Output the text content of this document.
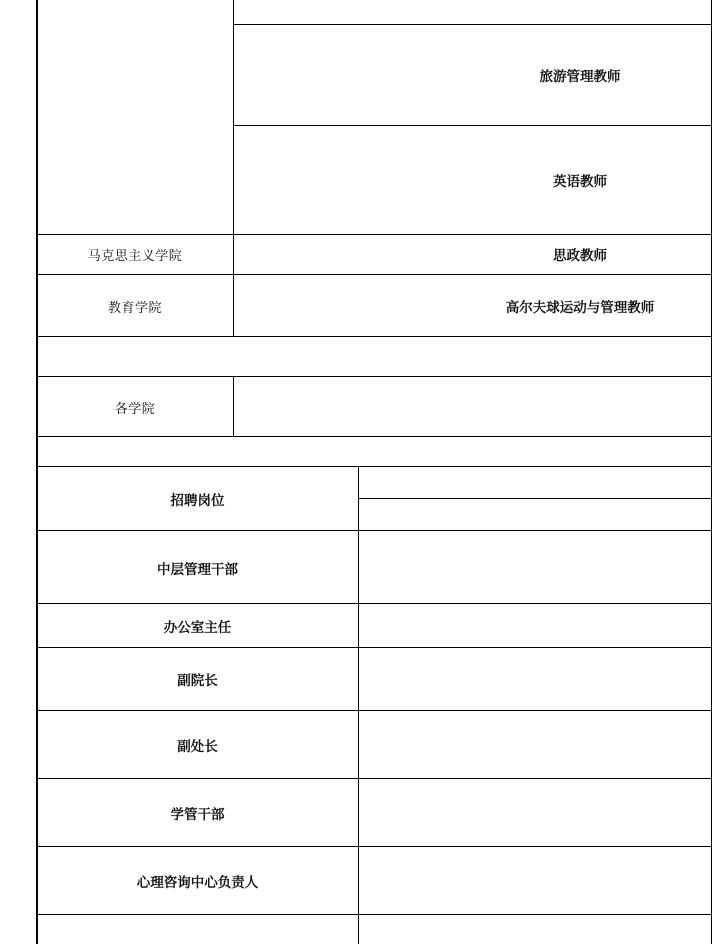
旅游管理教师
英语教师
马克思主义学院	思政教师
教育学院	高尔夫球运动与管理教师
各学院
招聘岗位
中层管理干部
办公室主任
副院长
副处长
学管干部
心理咨询中心负责人
